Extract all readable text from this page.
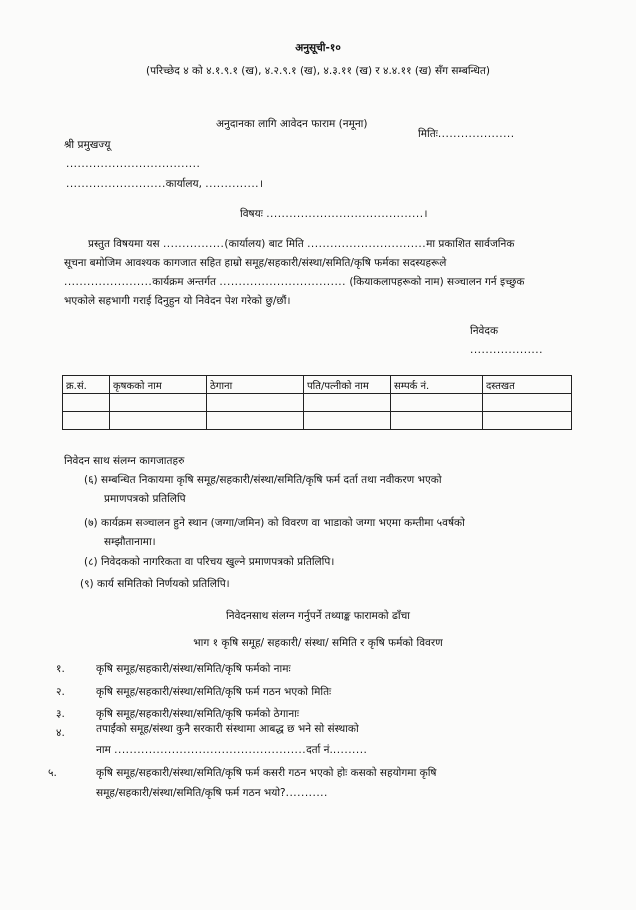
अनुसूची-१०
(परिच्छेद ४ को ४.१.९.१ (ख), ४.२.९.१ (ख), ४.३.११ (ख) र ४.४.११ (ख) सँग सम्बन्धित)
अनुदानका लागि आवेदन फाराम (नमूना)
श्री प्रमुखज्यू
मितिः....................
...................................
..........................कार्यालय, ..............।
विषयः .........................................।

प्रस्तुत विषयमा यस ................(कार्यालय) बाट मिति ...............................मा प्रकाशित सार्वजनिक

सूचना बमोजिम आवश्यक कागजात सहित हाम्रो समूह/सहकारी/संस्था/समिति/कृषि फर्मका सदस्यहरूले

.......................कार्यक्रम अन्तर्गत ................................. (कियाकलापहरूको नाम) सञ्चालन गर्न इच्छुक

भएकोले सहभागी गराई दिनुहुन यो निवेदन पेश गरेको छु/छौं।

निवेदक
...................
क्र.सं.	कृषकको नाम	ठेगाना	पति/पत्नीको नाम	सम्पर्क नं.	दस्तखत

निवेदन साथ संलग्न कागजातहरु
(६) सम्बन्धित निकायमा कृषि समूह/सहकारी/संस्था/समिति/कृषि फर्म दर्ता तथा नवीकरण भएको
प्रमाणपत्रको प्रतिलिपि
(७) कार्यक्रम सञ्चालन हुने स्थान (जग्गा/जमिन) को विवरण वा भाडाको जग्गा भएमा कम्तीमा ५वर्षको
सम्झौतानामा।
(८) निवेदकको नागरिकता वा परिचय खुल्ने प्रमाणपत्रको प्रतिलिपि।
(९) कार्य समितिको निर्णयको प्रतिलिपि।
निवेदनसाथ संलग्न गर्नुपर्ने तथ्याङ्क फारामको ढाँचा
भाग १ कृषि समूह/ सहकारी/ संस्था/ समिति र कृषि फर्मको विवरण
१.	कृषि समूह/सहकारी/संस्था/समिति/कृषि फर्मको नामः
२.	कृषि समूह/सहकारी/संस्था/समिति/कृषि फर्म गठन भएको मितिः
३.	कृषि समूह/सहकारी/संस्था/समिति/कृषि फर्मको ठेगानाः
४.	तपाईंको समूह/संस्था कुनै सरकारी संस्थामा आबद्ध छ भने सो संस्थाको
नाम ..................................................दर्ता नं..........
५.	कृषि समूह/सहकारी/संस्था/समिति/कृषि फर्म कसरी गठन भएको होः कसको सहयोगमा कृषि
समूह/सहकारी/संस्था/समिति/कृषि फर्म गठन भयो?...........
